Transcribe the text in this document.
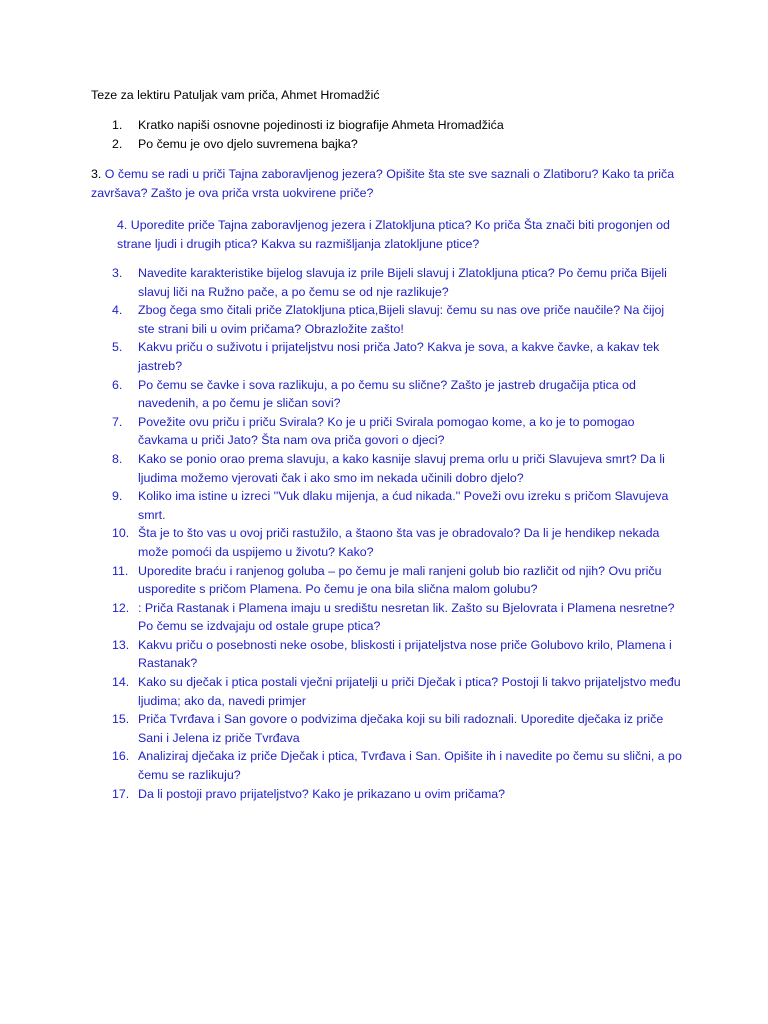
Teze za lektiru Patuljak vam priča, Ahmet Hromadžić
1. Kratko napiši osnovne pojedinosti iz biografije Ahmeta Hromadžića
2. Po čemu je ovo djelo suvremena bajka?
3. O čemu se radi u priči Tajna zaboravljenog jezera? Opišite šta ste sve saznali o Zlatiboru? Kako ta priča završava? Zašto je ova priča vrsta uokvirene priče?
4. Uporedite priče Tajna zaboravljenog jezera i Zlatokljuna ptica? Ko priča Šta znači biti progonjen od strane ljudi i drugih ptica? Kakva su razmišljanja zlatokljune ptice?
3. Navedite karakteristike bijelog slavuja iz prile Bijeli slavuj i Zlatokljuna ptica? Po čemu priča Bijeli slavuj liči na Ružno pače, a po čemu se od nje razlikuje?
4. Zbog čega smo čitali priče Zlatokljuna ptica,Bijeli slavuj: čemu su nas ove priče naučile? Na čijoj ste strani bili u ovim pričama? Obrazložite zašto!
5. Kakvu priču o suživotu i prijateljstvu nosi priča Jato? Kakva je sova, a kakve čavke, a kakav tek jastreb?
6. Po čemu se čavke i sova razlikuju, a po čemu su slične? Zašto je jastreb drugačija ptica od navedenih, a po čemu je sličan sovi?
7. Povežite ovu priču i priču Svirala? Ko je u priči Svirala pomogao kome, a ko je to pomogao čavkama u priči Jato? Šta nam ova priča govori o djeci?
8. Kako se ponio orao prema slavuju, a kako kasnije slavuj prema orlu u priči Slavujeva smrt? Da li ljudima možemo vjerovati čak i ako smo im nekada učinili dobro djelo?
9. Koliko ima istine u izreci ''Vuk dlaku mijenja, a ćud nikada.'' Poveži ovu izreku s pričom Slavujeva smrt.
10. Šta je to što vas u ovoj priči rastužilo, a štaono šta vas je obradovalo? Da li je hendikep nekada može pomoći da uspijemo u životu? Kako?
11. Uporedite braću i ranjenog goluba – po čemu je mali ranjeni golub bio različit od njih? Ovu priču usporedite s pričom Plamena. Po čemu je ona bila slična malom golubu?
12. : Priča Rastanak i Plamena imaju u središtu nesretan lik. Zašto su Bjelovrata i Plamena nesretne? Po čemu se izdvajaju od ostale grupe ptica?
13. Kakvu priču o posebnosti neke osobe, bliskosti i prijateljstva nose priče Golubovo krilo, Plamena i Rastanak?
14. Kako su dječak i ptica postali vječni prijatelji u priči Dječak i ptica? Postoji li takvo prijateljstvo među ljudima; ako da, navedi primjer
15. Priča Tvrđava i San govore o podvizima dječaka koji su bili radoznali. Uporedite dječaka iz priče Sani i Jelena iz priče Tvrđava
16. Analiziraj dječaka iz priče Dječak i ptica, Tvrđava i San. Opišite ih i navedite po čemu su slični, a po čemu se razlikuju?
17. Da li postoji pravo prijateljstvo? Kako je prikazano u ovim pričama?
